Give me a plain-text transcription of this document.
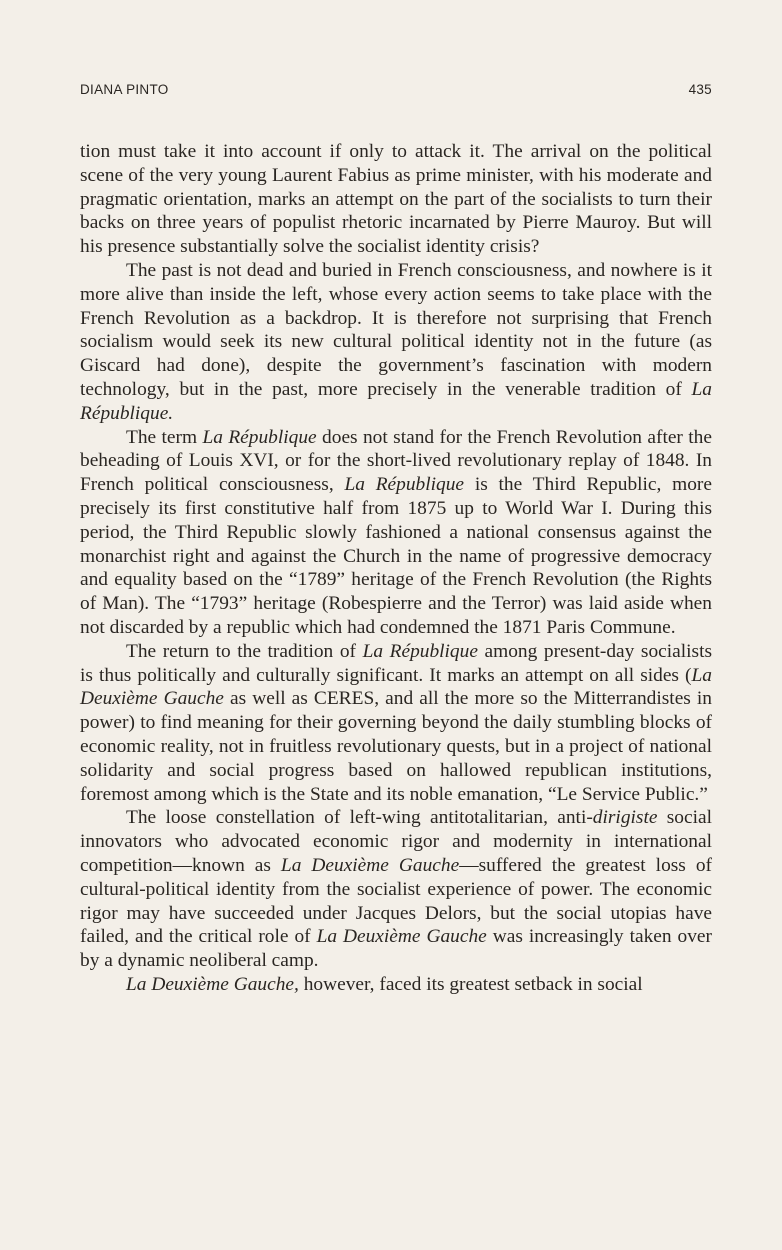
DIANA PINTO	435

tion must take it into account if only to attack it. The arrival on the political scene of the very young Laurent Fabius as prime minister, with his moderate and pragmatic orientation, marks an attempt on the part of the socialists to turn their backs on three years of populist rhetoric incarnated by Pierre Mauroy. But will his presence substantially solve the socialist identity crisis?

The past is not dead and buried in French consciousness, and nowhere is it more alive than inside the left, whose every action seems to take place with the French Revolution as a backdrop. It is therefore not surprising that French socialism would seek its new cultural political identity not in the future (as Giscard had done), despite the government’s fascination with modern technology, but in the past, more precisely in the venerable tradition of La République.

The term La République does not stand for the French Revolution after the beheading of Louis XVI, or for the short-lived revolutionary replay of 1848. In French political consciousness, La République is the Third Republic, more precisely its first constitutive half from 1875 up to World War I. During this period, the Third Republic slowly fashioned a national consensus against the monarchist right and against the Church in the name of progressive democracy and equality based on the “1789” heritage of the French Revolution (the Rights of Man). The “1793” heritage (Robespierre and the Terror) was laid aside when not discarded by a republic which had condemned the 1871 Paris Commune.

The return to the tradition of La République among present-day socialists is thus politically and culturally significant. It marks an attempt on all sides (La Deuxième Gauche as well as CERES, and all the more so the Mitterrandistes in power) to find meaning for their governing beyond the daily stumbling blocks of economic reality, not in fruitless revolutionary quests, but in a project of national solidarity and social progress based on hallowed republican institutions, foremost among which is the State and its noble emanation, “Le Service Public.”

The loose constellation of left-wing antitotalitarian, anti-dirigiste social innovators who advocated economic rigor and modernity in international competition—known as La Deuxième Gauche—suffered the greatest loss of cultural-political identity from the socialist experience of power. The economic rigor may have succeeded under Jacques Delors, but the social utopias have failed, and the critical role of La Deuxième Gauche was increasingly taken over by a dynamic neoliberal camp.

La Deuxième Gauche, however, faced its greatest setback in social
